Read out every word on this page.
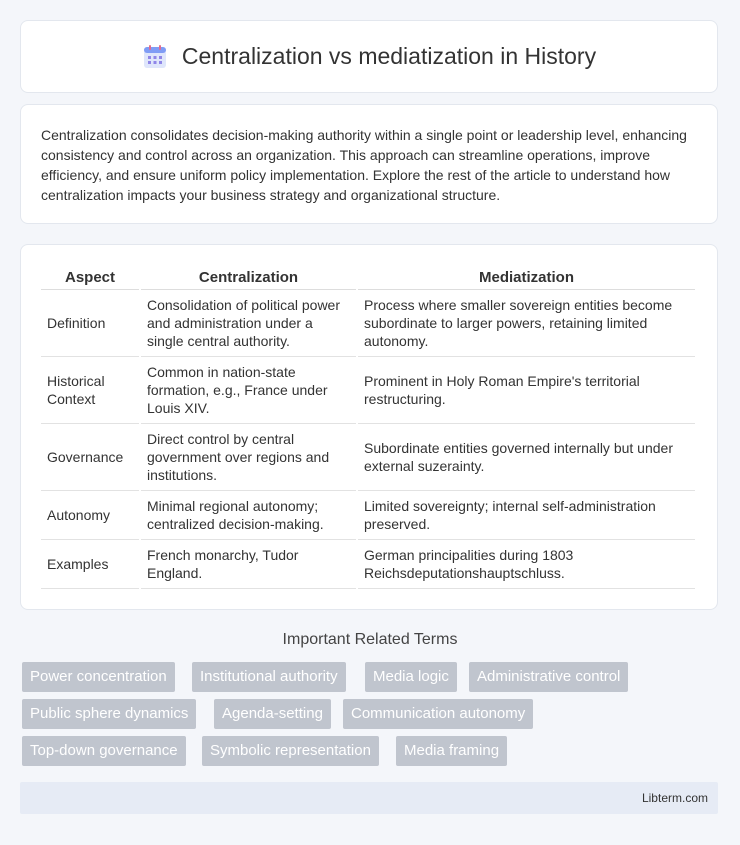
Centralization vs mediatization in History

Centralization consolidates decision-making authority within a single point or leadership level, enhancing consistency and control across an organization. This approach can streamline operations, improve efficiency, and ensure uniform policy implementation. Explore the rest of the article to understand how centralization impacts your business strategy and organizational structure.

Aspect	Centralization	Mediatization
Definition	Consolidation of political power and administration under a single central authority.	Process where smaller sovereign entities become subordinate to larger powers, retaining limited autonomy.
Historical Context	Common in nation-state formation, e.g., France under Louis XIV.	Prominent in Holy Roman Empire's territorial restructuring.
Governance	Direct control by central government over regions and institutions.	Subordinate entities governed internally but under external suzerainty.
Autonomy	Minimal regional autonomy; centralized decision-making.	Limited sovereignty; internal self-administration preserved.
Examples	French monarchy, Tudor England.	German principalities during 1803 Reichsdeputationshauptschluss.
Important Related Terms
Power concentration	Institutional authority	Media logic	Administrative control
Public sphere dynamics	Agenda-setting	Communication autonomy
Top-down governance	Symbolic representation	Media framing
Libterm.com
